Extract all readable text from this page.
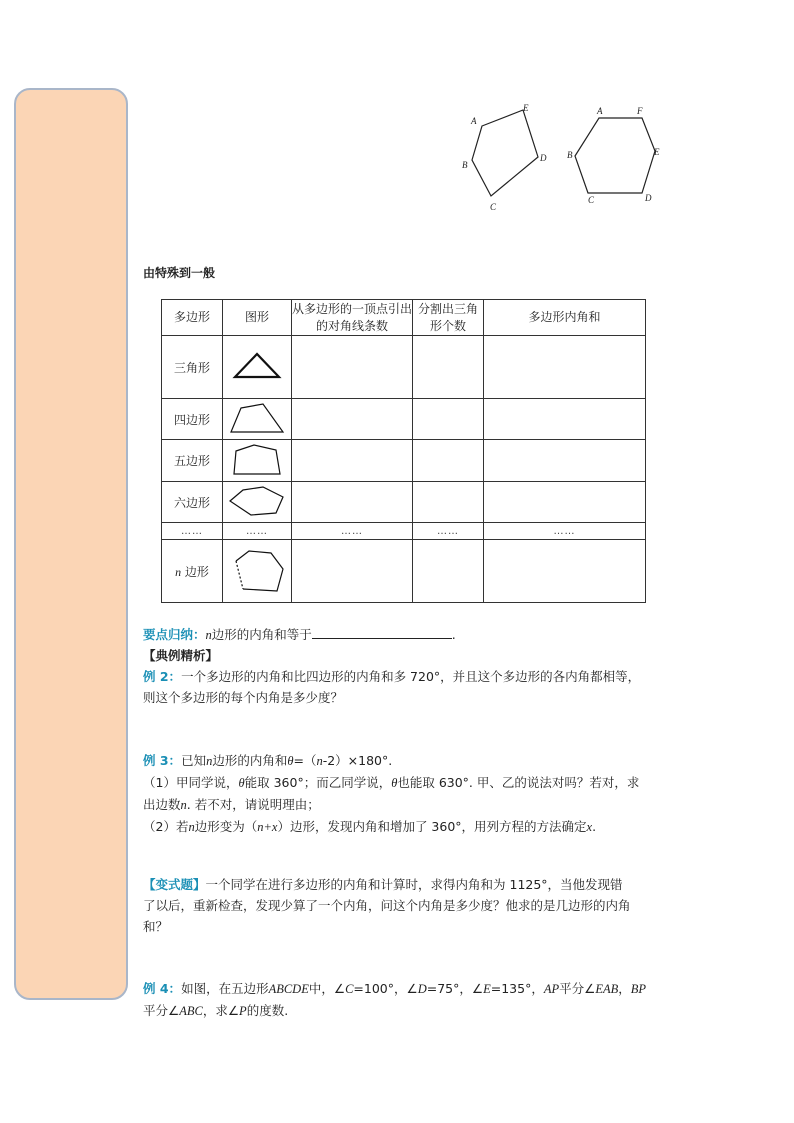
A
E
B
D
C
A	F
B	E
C	D
由特殊到一般
多边形	图形	从多边形的一顶点引出的对角线条数	分割出三角形个数	多边形内角和
三角形				
四边形				
五边形				
六边形				
……	……	……	……	……
n 边形				
要点归纳：n边形的内角和等于	.
【典例精析】
例 2：一个多边形的内角和比四边形的内角和多 720°，并且这个多边形的各内角都相等，
则这个多边形的每个内角是多少度？
例 3：已知n边形的内角和θ=（n-2）×180°.
（1）甲同学说，θ能取 360°；而乙同学说，θ也能取 630°. 甲、乙的说法对吗？若对，求
出边数n. 若不对，请说明理由；
（2）若n边形变为（n+x）边形，发现内角和增加了 360°，用列方程的方法确定x.
【变式题】一个同学在进行多边形的内角和计算时，求得内角和为 1125°，当他发现错
了以后，重新检查，发现少算了一个内角，问这个内角是多少度？他求的是几边形的内角
和？
例 4：如图，在五边形ABCDE中，∠C=100°，∠D=75°，∠E=135°，AP平分∠EAB，BP
平分∠ABC，求∠P的度数.
